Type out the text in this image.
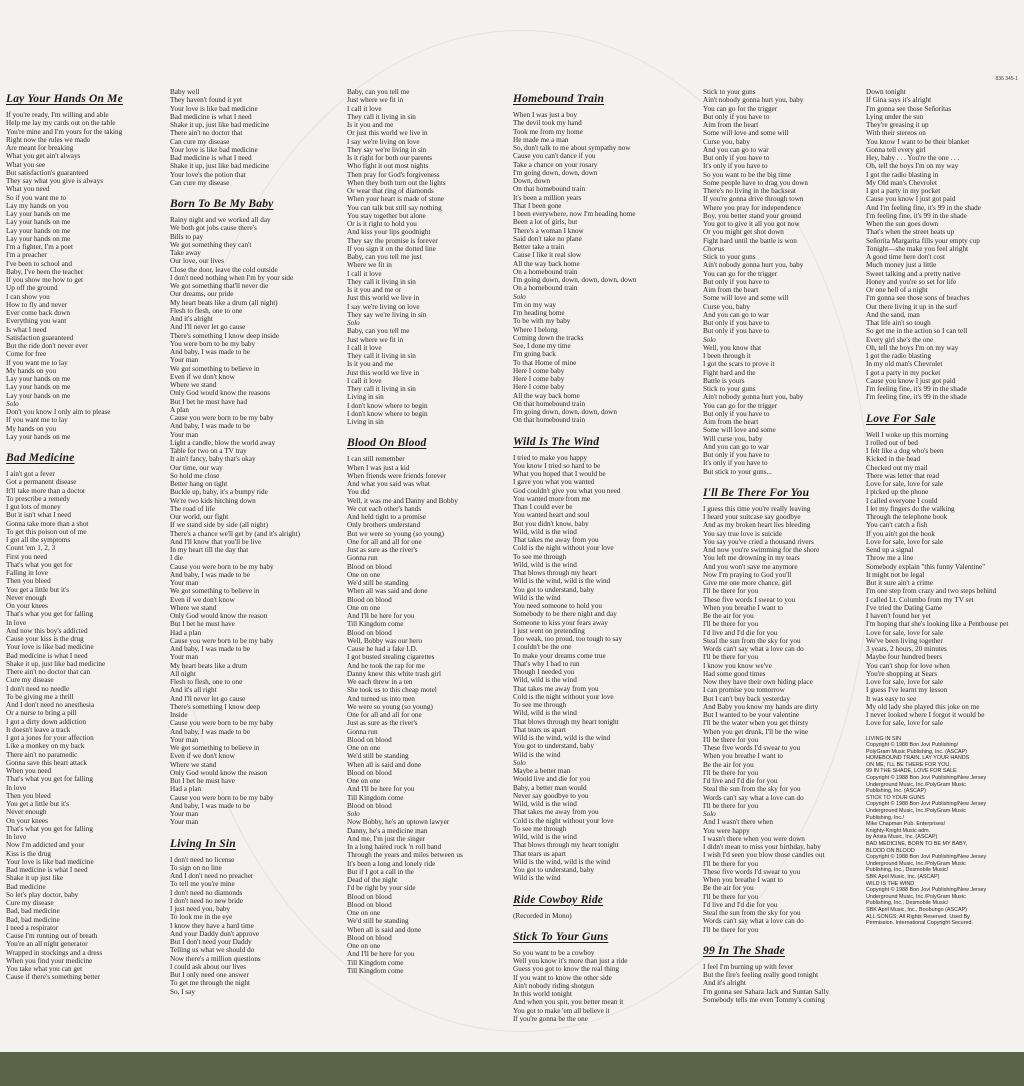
836 345-1
Lay Your Hands On Me
If you're ready, I'm willing and able
Help me lay my cards out on the table
You're mine and I'm yours for the taking
Right now the rules we made
Are meant for breaking
What you get ain't always
What you see
But satisfaction's guaranteed
They say what you give is always
What you need
So if you want me to
Lay my hands on you
Lay your hands on me
Lay your hands on me
Lay your hands on me
Lay your hands on me
I'm a fighter, I'm a poet
I'm a preacher
I've been to school and
Baby, I've been the teacher
If you show me how to get
Up off the ground
I can show you
How to fly and never
Ever come back down
Everything you want
Is what I need
Satisfaction guaranteed
But the ride don't never ever
Come for free
If you want me to lay
My hands on you
Lay your hands on me
Lay your hands on me
Lay your hands on me
Solo
Don't you know I only aim to please
If you want me to lay
My hands on you
Lay your hands on me
Bad Medicine
I ain't got a fever
Got a permanent disease
It'll take more than a doctor
To prescribe a remedy
I got lots of money
But it isn't what I need
Gonna take more than a shot
To get this poison out of me
I got all the symptoms
Count 'em 1, 2, 3
First you need
That's what you get for
Falling in love
Then you bleed
You get a little but it's
Never enough
On your knees
That's what you get for falling
In love
And now this boy's addicted
Cause your kiss is the drug
Your love is like bad medicine
Bad medicine is what I need
Shake it up, just like bad medicine
There ain't no doctor that can
Cure my disease
I don't need no needle
To be giving me a thrill
And I don't need no anesthesia
Or a nurse to bring a pill
I got a dirty down addiction
It doesn't leave a track
I got a jones for your affection
Like a monkey on my back
There ain't no paramedic
Gonna save this heart attack
When you need
That's what you get for falling
In love
Then you bleed
You get a little but it's
Never enough
On your knees
That's what you get for falling
In love
Now I'm addicted and your
Kiss is the drug
Your love is like bad medicine
Bad medicine is what I need
Shake it up just like
Bad medicine
So let's play doctor, baby
Cure my disease
Bad, bad medicine
Bad, bad medicine
I need a respirator
Cause I'm running out of breath
You're an all night generator
Wrapped in stockings and a dress
When you find your medicine
You take what you can get
Cause if there's something better
Baby well
They haven't found it yet
Your love is like bad medicine
Bad medicine is what I need
Shake it up, just like bad medicine
There ain't no doctor that
Can cure my disease
Your love is like bad medicine
Bad medicine is what I need
Shake it up, just like bad medicine
Your love's the potion that
Can cure my disease
Born To Be My Baby
Rainy night and we worked all day
We both got jobs cause there's
Bills to pay
We got something they can't
Take away
Our love, our lives
Close the door, leave the cold outside
I don't need nothing when I'm by your side
We got something that'll never die
Our dreams, our pride
My heart beats like a drum (all night)
Flesh to flesh, one to one
And it's alright
And I'll never let go cause
There's something I know deep inside
You were born to be my baby
And baby, I was made to be
Your man
We got something to believe in
Even if we don't know
Where we stand
Only God would know the reasons
But I bet he must have had
A plan
Cause you were born to be my baby
And baby, I was made to be
Your man
Light a candle, blow the world away
Table for two on a TV tray
It ain't fancy, baby that's okay
Our time, our way
So hold me close
Better hang on tight
Buckle up, baby, it's a bumpy ride
We're two kids hitching down
The road of life
Our world, our fight
If we stand side by side (all night)
There's a chance we'll get by (and it's alright)
And I'll know that you'll be live
In my heart till the day that
I die
Cause you were born to be my baby
And baby, I was made to be
Your man
We got something to believe in
Even if we don't know
Where we stand
Only God would know the reason
But I bet he must have
Had a plan
Cause you were born to be my baby
And baby, I was made to be
Your man
My heart beats like a drum
All night
Flesh to flesh, one to one
And it's all right
And I'll never let go cause
There's something I know deep
Inside
Cause you were born to be my baby
And baby, I was made to be
Your man
We got something to believe in
Even if we don't know
Where we stand
Only God would know the reason
But I bet he must have
Had a plan
Cause you were born to be my baby
And baby, I was made to be
Your man
Your man
Living In Sin
I don't need no license
To sign on no line
And I don't need no preacher
To tell me you're mine
I don't need no diamonds
I don't need no new bride
I just need you, baby
To look me in the eye
I know they have a hard time
And your Daddy don't approve
But I don't need your Daddy
Telling us what we should do
Now there's a million questions
I could ask about our lives
But I only need one answer
To get me through the night
So, I say
Baby, can you tell me
Just where we fit in
I call it love
They call it living in sin
Is it you and me
Or just this world we live in
I say we're living on love
They say we're living in sin
Is it right for both our parents
Who fight it out most nights
Then pray for God's forgiveness
When they both turn out the lights
Or wear that ring of diamonds
When your heart is made of stone
You can talk but still say nothing
You stay together but alone
Or is it right to hold you
And kiss your lips goodnight
They say the promise is forever
If you sign it on the dotted line
Baby, can you tell me just
Where we fit in
I call it love
They call it living in sin
Is it you and me or
Just this world we live in
I say we're living on love
They say we're living in sin
Solo
Baby, can you tell me
Just where we fit in
I call it love
They call it living in sin
Is it you and me
Just this world we live in
I call it love
They call it living in sin
Living in sin
I don't know where to begin
I don't know where to begin
Living in sin
Blood On Blood
I can still remember
When I was just a kid
When friends were friends forever
And what you said was what
You did
Well, it was me and Danny and Bobby
We cut each other's hands
And held tight to a promise
Only brothers understand
But we were so young (so young)
One for all and all for one
Just as sure as the river's
Gonna run
Blood on blood
One on one
We'd still be standing
When all was said and done
Blood on blood
One on one
And I'll be here for you
Till Kingdom come
Blood on blood
Well, Bobby was our hero
Cause he had a fake I.D.
I got busted stealing cigarettes
And he took the rap for me
Danny knew this white trash girl
We each threw in a ten
She took us to this cheap motel
And turned us into men
We were so young (so young)
One for all and all for one
Just as sure as the river's
Gonna run
Blood on blood
One on one
We'd still be standing
When all is said and done
Blood on blood
One on one
And I'll be here for you
Till Kingdom come
Blood on blood
Solo
Now Bobby, he's an uptown lawyer
Danny, he's a medicine man
And me, I'm just the singer
In a long haired rock 'n roll band
Through the years and miles between us
It's been a long and lonely ride
But if I got a call in the
Dead of the night
I'd be right by your side
Blood on blood
Blood on blood
One on one
We'd still be standing
When all is said and done
Blood on blood
One on one
And I'll be here for you
Till Kingdom come
Till Kingdom come
Homebound Train
When I was just a boy
The devil took my hand
Took me from my home
He made me a man
So, don't talk to me about sympathy now
Cause you can't dance if you
Take a chance on your rosary
I'm going down, down, down
Down, down
On that homebound train
It's been a million years
That I been gone
I been everywhere, now I'm heading home
Been a lot of girls, but
There's a woman I know
Said don't take no plane
Better take a train
Cause I like it real slow
All the way back home
On a homebound train
I'm going down, down, down, down, down
On a homebound train
Solo
I'm on my way
I'm heading home
To be with my baby
Where I belong
Coming down the tracks
See, I done my time
I'm going back
To that Home of mine
Here I come baby
Here I come baby
Here I come baby
All the way back home
On that homebound train
I'm going down, down, down, down
On that homebound train
Wild Is The Wind
I tried to make you happy
You know I tried so hard to be
What you hoped that I would be
I gave you what you wanted
God couldn't give you what you need
You wanted more from me
Than I could ever be
You wanted heart and soul
But you didn't know, baby
Wild, wild is the wind
That takes me away from you
Cold is the night without your love
To see me through
Wild, wild is the wind
That blows through my heart
Wild is the wind, wild is the wind
You got to understand, baby
Wild is the wind
You need someone to hold you
Somebody to be there night and day
Someone to kiss your fears away
I just went on pretending
Too weak, too proud, too tough to say
I couldn't be the one
To make your dreams come true
That's why I had to run
Though I needed you
Wild, wild is the wind
That takes me away from you
Cold is the night without your love
To see me through
Wild, wild is the wind
That blows through my heart tonight
That tears us apart
Wild is the wind, wild is the wind
You got to understand, baby
Wild is the wind
Solo
Maybe a better man
Would live and die for you
Baby, a better man would
Never say goodbye to you
Wild, wild is the wind
That takes me away from you
Cold is the night without your love
To see me through
Wild, wild is the wind
That blows through my heart tonight
That tears us apart
Wild is the wind, wild is the wind
You got to understand, baby
Wild is the wind
Ride Cowboy Ride
(Recorded in Mono)
Stick To Your Guns
So you want to be a cowboy
Well you know it's more than just a ride
Guess you got to know the real thing
If you want to know the other side
Ain't nobody riding shotgun
In this world tonight
And when you spit, you better mean it
You got to make 'em all believe it
If you're gonna be the one
Stick to your guns
Ain't nobody gonna hurt you, baby
You can go for the trigger
But only if you have to
Aim from the heart
Some will love and some will
Curse you, baby
And you can go to war
But only if you have to
It's only if you have to
So you want to be the big time
Some people have to drag you down
There's no living in the backseat
If you're gonna drive through town
Where you pray for independence
Boy, you better stand your ground
You got to give it all you got now
Or you might get shot down
Fight hard until the battle is won
Chorus
Stick to your guns
Ain't nobody gonna hurt you, baby
You can go for the trigger
But only if you have to
Aim from the heart
Some will love and some will
Curse you, baby
And you can go to war
But only if you have to
But only if you have to
Solo
Well, you know that
I been through it
I got the scars to prove it
Fight hard and the
Battle is yours
Stick to your guns
Ain't nobody gonna hurt you, baby
You can go for the trigger
But only if you have to
Aim from the heart
Some will love and some
Will curse you, baby
And you can go to war
But only if you have to
It's only if you have to
But stick to your guns...
I'll Be There For You
I guess this time you're really leaving
I heard your suitcase say goodbye
And as my broken heart lies bleeding
You say true love is suicide
You say you've cried a thousand rivers
And now you're swimming for the shore
You left me drowning in my tears
And you won't save me anymore
Now I'm praying to God you'll
Give me one more chance, girl
I'll be there for you
These five words I swear to you
When you breathe I want to
Be the air for you
I'll be there for you
I'd live and I'd die for you
Steal the sun from the sky for you
Words can't say what a love can do
I'll be there for you
I know you know we've
Had some good times
Now they have their own hiding place
I can promise you tomorrow
But I can't buy back yesterday
And Baby you know my hands are dirty
But I wanted to be your valentine
I'll be the water when you get thirsty
When you get drunk, I'll be the wine
I'll be there for you
These five words I'd swear to you
When you breathe I want to
Be the air for you
I'll be there for you
I'd live and I'd die for you
Steal the sun from the sky for you
Words can't say what a love can do
I'll be there for you
Solo
And I wasn't there when
You were happy
I wasn't there when you were down
I didn't mean to miss your birthday, baby
I wish I'd seen you blow those candles out
I'll be there for you
These five words I'd swear to you
When you breathe I want to
Be the air for you
I'll be there for you
I'd live and I'd die for you
Steal the sun from the sky for you
Words can't say what a love can do
I'll be there for you
99 In The Shade
I feel I'm burning up with fever
But the fire's feeling really good tonight
And it's alright
I'm gonna see Sahara Jack and Suntan Sally
Somebody tells me even Tommy's coming
Down tonight
If Gina says it's alright
I'm gonna see those Señoritas
Lying under the sun
They're greasing it up
With their stereos on
You know I want to be their blanket
Gonna tell every girl
Hey, baby . . . You're the one . . .
Oh, tell the boys I'm on my way
I got the radio blasting in
My Old man's Chevrolet
I got a party in my pocket
Cause you know I just got paid
And I'm feeling fine, it's 99 in the shade
I'm feeling fine, it's 99 in the shade
When the sun goes down
That's when the street heats up
Señorita Margarita fills your empty cup
Tonight—she make you feel alright
A good time here don't cost
Much money just a little
Sweet talking and a pretty native
Honey and you're so set for life
Or one hell of a night
I'm gonna see those sons of beaches
Out there living it up in the surf
And the sand, man
That life ain't so tough
So get me in the action so I can tell
Every girl she's the one
Oh, tell the boys I'm on my way
I got the radio blasting
In my old man's Chevrolet
I got a party in my pocket
Cause you know I just got paid
I'm feeling fine, it's 99 in the shade
I'm feeling fine, it's 99 in the shade
Love For Sale
Well I woke up this morning
I rolled out of bed
I felt like a dog who's been
Kicked in the head
Checked out my mail
There was letter that read
Love for sale, love for sale
I picked up the phone
I called everyone I could
I let my fingers do the walking
Through the telephone book
You can't catch a fish
If you ain't got the hook
Love for sale, love for sale
Send up a signal
Throw me a line
Somebody explain "this funny Valentine"
It might not be legal
But it sure ain't a crime
I'm one step from crazy and two steps behind
I called Lt. Columbo from my TV set
I've tried the Dating Game
I haven't found her yet
I'm hoping that she's looking like a Penthouse pet
Love for sale, love for sale
We've been living together
3 years, 2 hours, 20 minutes
Maybe four hundred beers
You can't shop for love when
You're shopping at Sears
Love for sale, love for sale
I guess I've learnt my lesson
It was easy to see
My old lady she played this joke on me
I never looked where I forgot it would be
Love for sale, love for sale
LIVING IN SIN
Copyright © 1988 Bon Jovi Publishing/
PolyGram Music Publishing, Inc. (ASCAP)
HOMEBOUND TRAIN, LAY YOUR HANDS
ON ME, I'LL BE THERE FOR YOU,
99 IN THE SHADE, LOVE FOR SALE
Copyright © 1988 Bon Jovi Publishing/New Jersey
Underground Music, Inc./PolyGram Music
Publishing, Inc. (ASCAP)
STICK TO YOUR GUNS
Copyright © 1988 Bon Jovi Publishing/New Jersey
Underground Music, Inc./PolyGram Music
Publishing, Inc./
Mike Chapman Pub. Enterprises/
Knighty-Knight Music adm.
by Arista Music, Inc. (ASCAP)
BAD MEDICINE, BORN TO BE MY BABY,
BLOOD ON BLOOD
Copyright © 1988 Bon Jovi Publishing/New Jersey
Underground Music, Inc./PolyGram Music
Publishing, Inc., Desmobile Music/
SBK April Music, Inc. (ASCAP)
WILD IS THE WIND
Copyright © 1988 Bon Jovi Publishing/New Jersey
Underground Music, Inc./PolyGram Music
Publishing, Inc., Desmobile Music/
SBK April Music, Inc., Boobungo (ASCAP)
ALL SONGS: All Rights Reserved. Used By
Permission. International Copyright Secured.
